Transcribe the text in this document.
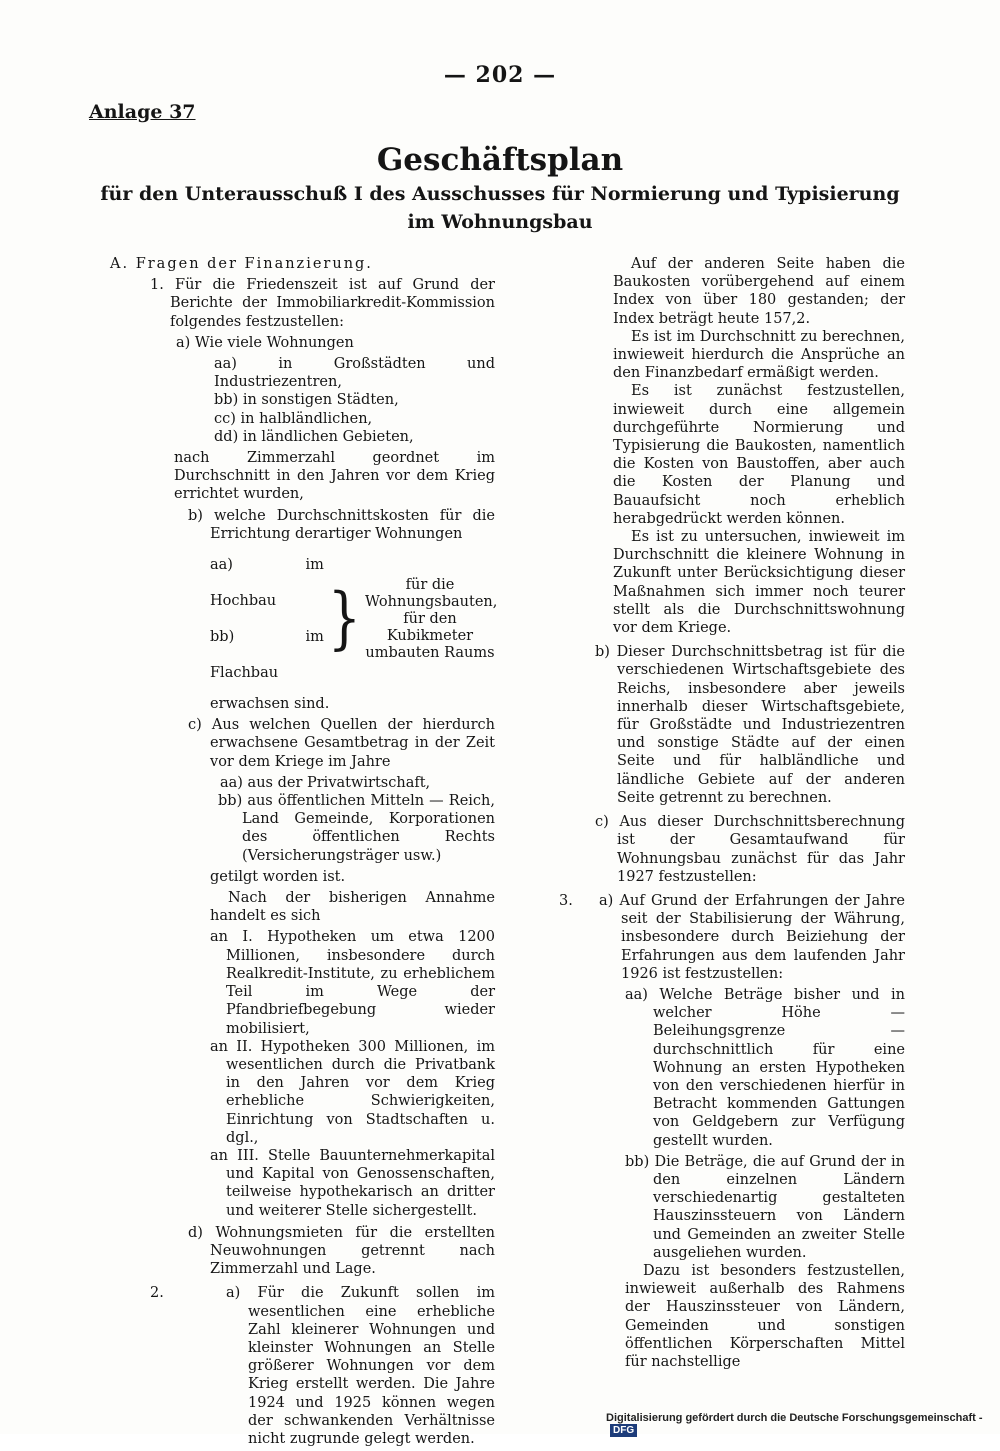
— 202 —
Anlage 37
Geschäftsplan
für den Unterausschuß I des Ausschusses für Normierung und Typisierung
im Wohnungsbau

A. Fragen der Finanzierung.

1. Für die Friedenszeit ist auf Grund der Berichte der Immobiliarkredit-Kommission folgendes festzustellen:

a) Wie viele Wohnungen

aa) in Großstädten und Industriezentren,

bb) in sonstigen Städten,

cc) in halbländlichen,

dd) in ländlichen Gebieten,

nach Zimmerzahl geordnet im Durchschnitt in den Jahren vor dem Krieg errichtet wurden,

b) welche Durchschnittskosten für die Errichtung derartiger Wohnungen

aa) im Hochbau
bb) im Flachbau
}	für die Wohnungsbauten, für den Kubikmeter umbauten Raums

erwachsen sind.

c) Aus welchen Quellen der hierdurch erwachsene Gesamtbetrag in der Zeit vor dem Kriege im Jahre

aa) aus der Privatwirtschaft,

bb) aus öffentlichen Mitteln — Reich, Land Gemeinde, Korporationen des öffentlichen Rechts (Versicherungsträger usw.)

getilgt worden ist.

Nach der bisherigen Annahme handelt es sich

an I. Hypotheken um etwa 1200 Millionen, insbesondere durch Realkredit-Institute, zu erheblichem Teil im Wege der Pfandbriefbegebung wieder mobilisiert,

an II. Hypotheken 300 Millionen, im wesentlichen durch die Privatbank in den Jahren vor dem Krieg erhebliche Schwierigkeiten, Einrichtung von Stadtschaften u. dgl.,

an III. Stelle Bauunternehmerkapital und Kapital von Genossenschaften, teilweise hypothekarisch an dritter und weiterer Stelle sichergestellt.

d) Wohnungsmieten für die erstellten Neuwohnungen getrennt nach Zimmerzahl und Lage.

2.	a) Für die Zukunft sollen im wesentlichen eine erhebliche Zahl kleinerer Wohnungen und kleinster Wohnungen an Stelle größerer Wohnungen vor dem Krieg erstellt werden. Die Jahre 1924 und 1925 können wegen der schwankenden Verhältnisse nicht zugrunde gelegt werden.

Auf der anderen Seite haben die Baukosten vorübergehend auf einem Index von über 180 gestanden; der Index beträgt heute 157,2.

Es ist im Durchschnitt zu berechnen, inwieweit hierdurch die Ansprüche an den Finanzbedarf ermäßigt werden.

Es ist zunächst festzustellen, inwieweit durch eine allgemein durchgeführte Normierung und Typisierung die Baukosten, namentlich die Kosten von Baustoffen, aber auch die Kosten der Planung und Bauaufsicht noch erheblich herabgedrückt werden können.

Es ist zu untersuchen, inwieweit im Durchschnitt die kleinere Wohnung in Zukunft unter Berücksichtigung dieser Maßnahmen sich immer noch teurer stellt als die Durchschnittswohnung vor dem Kriege.

b) Dieser Durchschnittsbetrag ist für die verschiedenen Wirtschaftsgebiete des Reichs, insbesondere aber jeweils innerhalb dieser Wirtschaftsgebiete, für Großstädte und Industriezentren und sonstige Städte auf der einen Seite und für halbländliche und ländliche Gebiete auf der anderen Seite getrennt zu berechnen.

c) Aus dieser Durchschnittsberechnung ist der Gesamtaufwand für Wohnungsbau zunächst für das Jahr 1927 festzustellen:

3.	a) Auf Grund der Erfahrungen der Jahre seit der Stabilisierung der Währung, insbesondere durch Beiziehung der Erfahrungen aus dem laufenden Jahr 1926 ist festzustellen:

aa) Welche Beträge bisher und in welcher Höhe — Beleihungsgrenze — durchschnittlich für eine Wohnung an ersten Hypotheken von den verschiedenen hierfür in Betracht kommenden Gattungen von Geldgebern zur Verfügung gestellt wurden.

bb) Die Beträge, die auf Grund der in den einzelnen Ländern verschiedenartig gestalteten Hauszinssteuern von Ländern und Gemeinden an zweiter Stelle ausgeliehen wurden.

Dazu ist besonders festzustellen, inwieweit außerhalb des Rahmens der Hauszinssteuer von Ländern, Gemeinden und sonstigen öffentlichen Körperschaften Mittel für nachstellige

Digitalisierung gefördert durch die Deutsche Forschungsgemeinschaft - DFG
